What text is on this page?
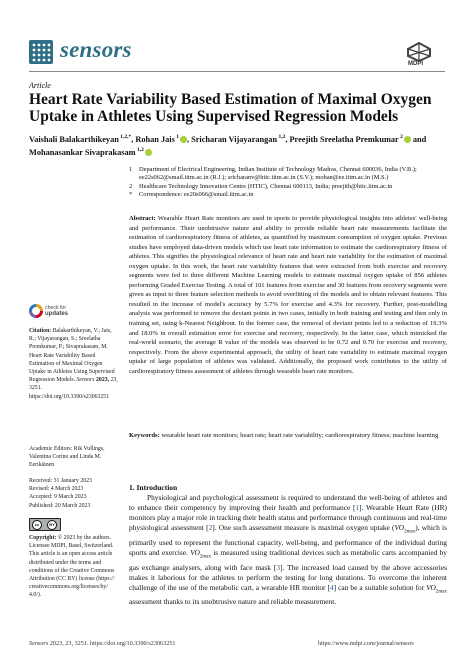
sensors
MDPI
Article
Heart Rate Variability Based Estimation of Maximal Oxygen Uptake in Athletes Using Supervised Regression Models
Vaishali Balakarthikeyan $^{1,2,*}$, Rohan Jais $^1$ , Sricharan Vijayarangan $^{1,2}$, Preejith Sreelatha Premkumar $^2$ and Mohanasankar Sivaprakasam $^{1,2}$
1	Department of Electrical Engineering, Indian Institute of Technology Madras, Chennai 600036, India (V.B.); ee22s062@smail.iitm.ac.in (R.J.); sricharanv@htic.iitm.ac.in (S.V.); mohan@ee.iitm.ac.in (M.S.)
2	Healthcare Technology Innovation Centre (HTIC), Chennai 600113, India; preejith@htic.iitm.ac.in
*	Correspondence: ee20s066@smail.iitm.ac.in
Abstract: Wearable Heart Rate monitors are used in sports to provide physiological insights into athletes' well-being and performance. Their unobtrusive nature and ability to provide reliable heart rate measurements facilitate the estimation of cardiorespiratory fitness of athletes, as quantified by maximum consumption of oxygen uptake. Previous studies have employed data-driven models which use heart rate information to estimate the cardiorespiratory fitness of athletes. This signifies the physiological relevance of heart rate and heart rate variability for the estimation of maximal oxygen uptake. In this work, the heart rate variability features that were extracted from both exercise and recovery segments were fed to three different Machine Learning models to estimate maximal oxygen uptake of 856 athletes performing Graded Exercise Testing. A total of 101 features from exercise and 30 features from recovery segments were given as input to three feature selection methods to avoid overfitting of the models and to obtain relevant features. This resulted in the increase of model's accuracy by 5.7% for exercise and 4.3% for recovery. Further, post-modelling analysis was performed to remove the deviant points in two cases, initially in both training and testing and then only in training set, using k-Nearest Neighbour. In the former case, the removal of deviant points led to a reduction of 19.3% and 18.0% in overall estimation error for exercise and recovery, respectively. In the latter case, which mimicked the real-world scenario, the average R value of the models was observed to be 0.72 and 0.70 for exercise and recovery, respectively. From the above experimental approach, the utility of heart rate variability to estimate maximal oxygen uptake of large population of athletes was validated. Additionally, the proposed work contributes to the utility of cardiorespiratory fitness assessment of athletes through wearable heart rate monitors.
Keywords: wearable heart rate monitors; heart rate; heart rate variability; cardiorespiratory fitness; machine learning
1. Introduction
Physiological and psychological assessment is required to understand the well-being of athletes and to enhance their competency by improving their health and performance [1]. Wearable Heart Rate (HR) monitors play a major role in tracking their health status and performance through continuous and real-time physiological assessment [2]. One such assessment measure is maximal oxygen uptake $(VO_{2max})$, which is primarily used to represent the functional capacity, well-being, and performance of the individual during sports and exercise. $VO_{2max}$ is measured using traditional devices such as metabolic carts accompanied by gas exchange analysers, along with face mask [3]. The increased load caused by the above accessories makes it laborious for the athletes to perform the testing for long durations. To overcome the inherent challenge of the use of the metabolic cart, a wearable HR monitor [4] can be a suitable solution for $VO_{2max}$ assessment thanks to its unobtrusive nature and reliable measurement.
check for
updates
Citation: Balakarthikeyan, V.; Jais, R.; Vijayarangan, S.; Sreelatha Premkumar, P.; Sivaprakasam, M. Heart Rate Variability Based Estimation of Maximal Oxygen Uptake in Athletes Using Supervised Regression Models. Sensors 2023, 23, 3251. https://doi.org/10.3390/s23063251
Academic Editors: Rik Vullings, Valentina Corino and Linda M. Eerikäinen
Received: 31 January 2023
Revised: 4 March 2023
Accepted: 9 March 2023
Published: 20 March 2023
cc	BY
Copyright: © 2023 by the authors. Licensee MDPI, Basel, Switzerland. This article is an open access article distributed under the terms and conditions of the Creative Commons Attribution (CC BY) license (https:// creativecommons.org/licenses/by/ 4.0/).
Sensors 2023, 23, 3251. https://doi.org/10.3390/s23063251	https://www.mdpi.com/journal/sensors
